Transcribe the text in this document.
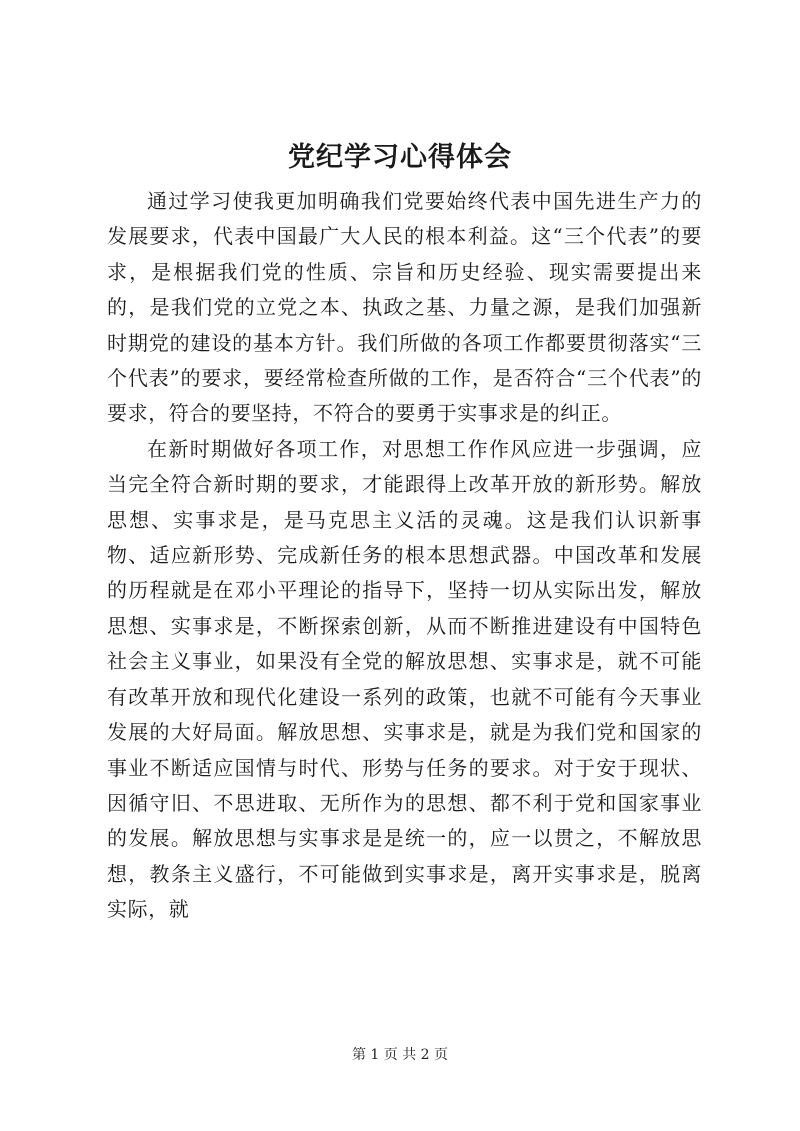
党纪学习心得体会

通过学习使我更加明确我们党要始终代表中国先进生产力的发展要求，代表中国最广大人民的根本利益。这“三个代表”的要求，是根据我们党的性质、宗旨和历史经验、现实需要提出来的，是我们党的立党之本、执政之基、力量之源，是我们加强新时期党的建设的基本方针。我们所做的各项工作都要贯彻落实“三个代表”的要求，要经常检查所做的工作，是否符合“三个代表”的要求，符合的要坚持，不符合的要勇于实事求是的纠正。

在新时期做好各项工作，对思想工作作风应进一步强调，应当完全符合新时期的要求，才能跟得上改革开放的新形势。解放思想、实事求是，是马克思主义活的灵魂。这是我们认识新事物、适应新形势、完成新任务的根本思想武器。中国改革和发展的历程就是在邓小平理论的指导下，坚持一切从实际出发，解放思想、实事求是，不断探索创新，从而不断推进建设有中国特色社会主义事业，如果没有全党的解放思想、实事求是，就不可能有改革开放和现代化建设一系列的政策，也就不可能有今天事业发展的大好局面。解放思想、实事求是，就是为我们党和国家的事业不断适应国情与时代、形势与任务的要求。对于安于现状、因循守旧、不思进取、无所作为的思想、都不利于党和国家事业的发展。解放思想与实事求是是统一的，应一以贯之，不解放思想，教条主义盛行，不可能做到实事求是，离开实事求是，脱离实际，就

第 1 页 共 2 页
